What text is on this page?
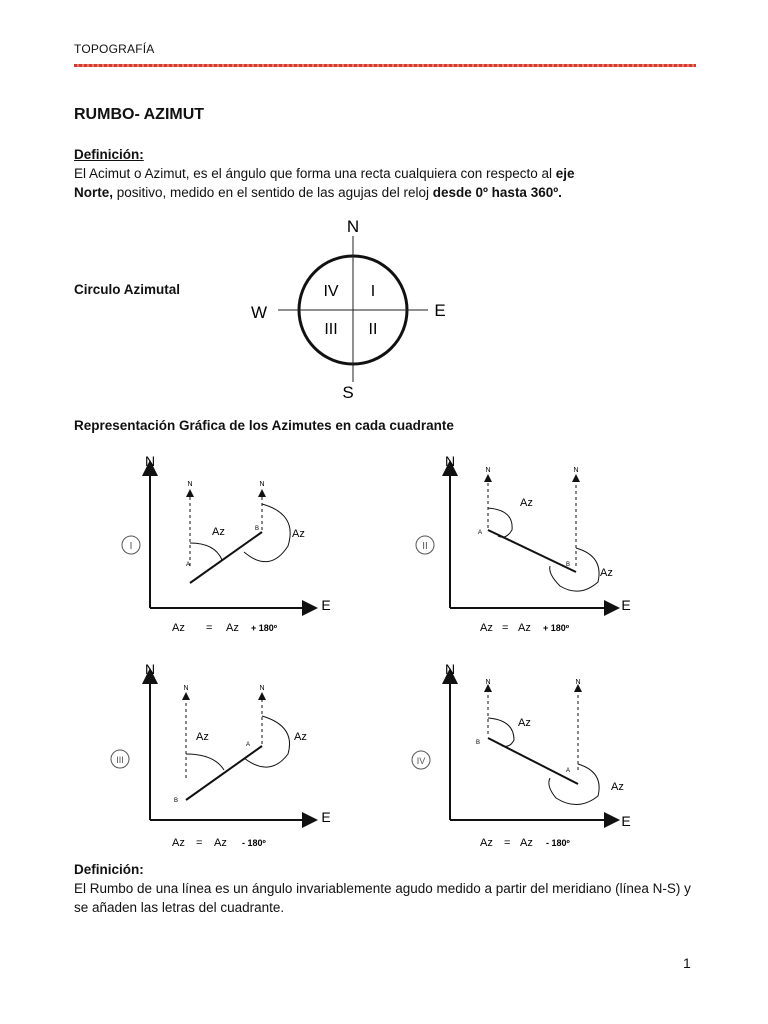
TOPOGRAFÍA
RUMBO- AZIMUT
Definición:
El Acimut o Azimut, es el ángulo que forma una recta cualquiera con respecto al eje
Norte, positivo, medido en el sentido de las agujas del reloj desde 0º hasta 360º.
Circulo Azimutal
N
S
E
W
IV I
III II
Representación Gráfica de los Azimutes en cada cuadrante
N
E
N	N
A
B
Az	Az
I
Az = Az + 180º
N
E
N	N
A
B
Az
Az
II
Az = Az + 180º
N
E
N	N
B
A
Az	Az
III
Az = Az - 180º
N
E
N	N
B
A
Az
Az
IV
Az = Az - 180º
Definición:
El Rumbo de una línea es un ángulo invariablemente agudo medido a partir del meridiano (línea N-S) y se añaden las letras del cuadrante.
1
